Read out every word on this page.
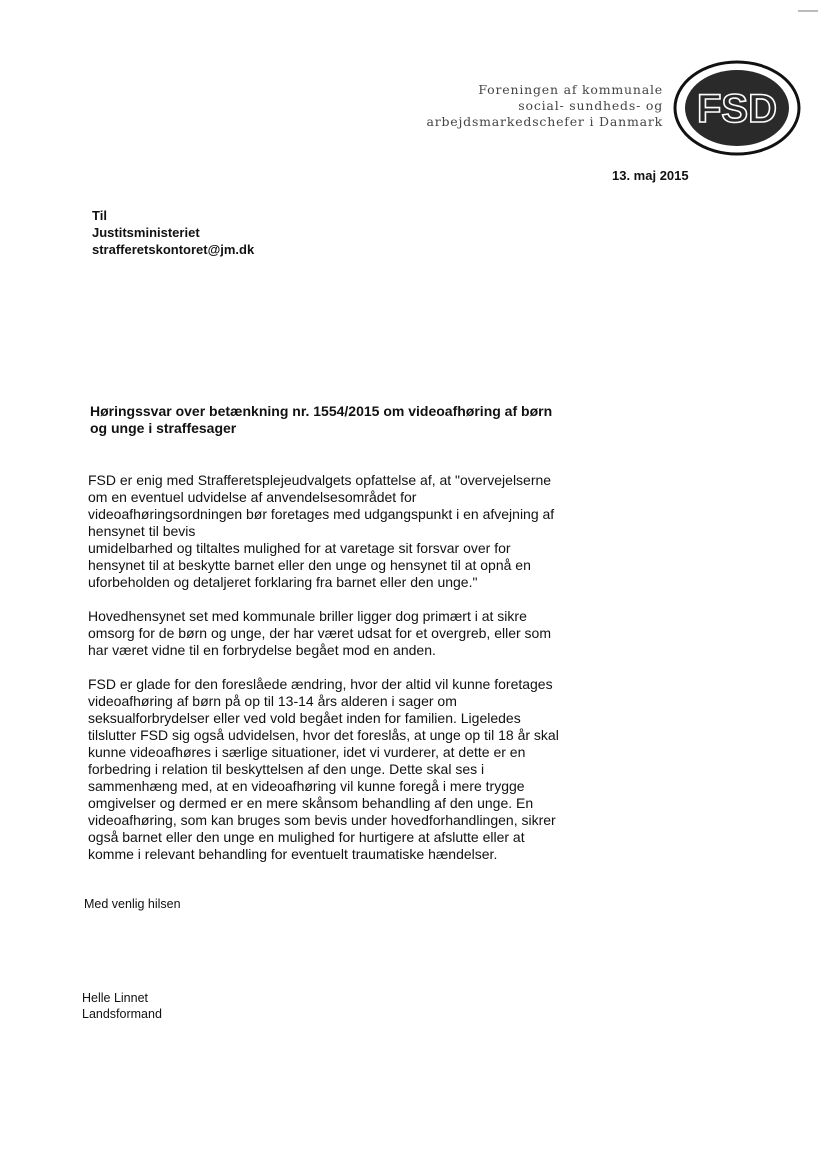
Foreningen af kommunale
social- sundheds- og
arbejdsmarkedschefer i Danmark FSD
13. maj 2015
Til
Justitsministeriet
strafferetskontoret@jm.dk
Høringssvar over betænkning nr. 1554/2015 om videoafhøring af børn
og unge i straffesager

FSD er enig med Strafferetsplejeudvalgets opfattelse af, at "overvejelserne
om en eventuel udvidelse af anvendelsesområdet for
videoafhøringsordningen bør foretages med udgangspunkt i en afvejning af
hensynet til bevis
umidelbarhed og tiltaltes mulighed for at varetage sit forsvar over for
hensynet til at beskytte barnet eller den unge og hensynet til at opnå en
uforbeholden og detaljeret forklaring fra barnet eller den unge."

Hovedhensynet set med kommunale briller ligger dog primært i at sikre
omsorg for de børn og unge, der har været udsat for et overgreb, eller som
har været vidne til en forbrydelse begået mod en anden.

FSD er glade for den foreslåede ændring, hvor der altid vil kunne foretages
videoafhøring af børn på op til 13-14 års alderen i sager om
seksualforbrydelser eller ved vold begået inden for familien. Ligeledes
tilslutter FSD sig også udvidelsen, hvor det foreslås, at unge op til 18 år skal
kunne videoafhøres i særlige situationer, idet vi vurderer, at dette er en
forbedring i relation til beskyttelsen af den unge. Dette skal ses i
sammenhæng med, at en videoafhøring vil kunne foregå i mere trygge
omgivelser og dermed er en mere skånsom behandling af den unge. En
videoafhøring, som kan bruges som bevis under hovedforhandlingen, sikrer
også barnet eller den unge en mulighed for hurtigere at afslutte eller at
komme i relevant behandling for eventuelt traumatiske hændelser.

Med venlig hilsen
Helle Linnet
Landsformand
